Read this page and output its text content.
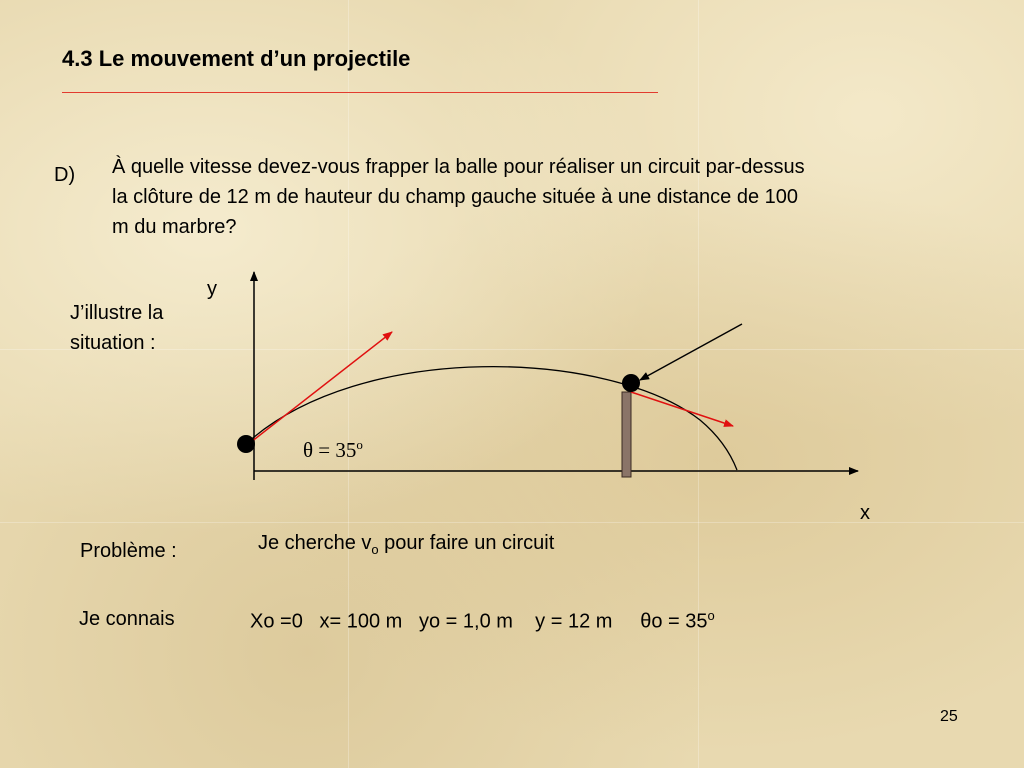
4.3 Le mouvement d’un projectile
D) À quelle vitesse devez-vous frapper la balle pour réaliser un circuit par-dessus la clôture de 12 m de hauteur du champ gauche située à une distance de 100 m du marbre?
J’illustre la
situation :
y
x
$\theta = 35^o$
Problème :	Je cherche $v_o$ pour faire un circuit
Je connais	Xo =0 x= 100 m yo = 1,0 m y = 12 m $\theta o = 35^o$
25
